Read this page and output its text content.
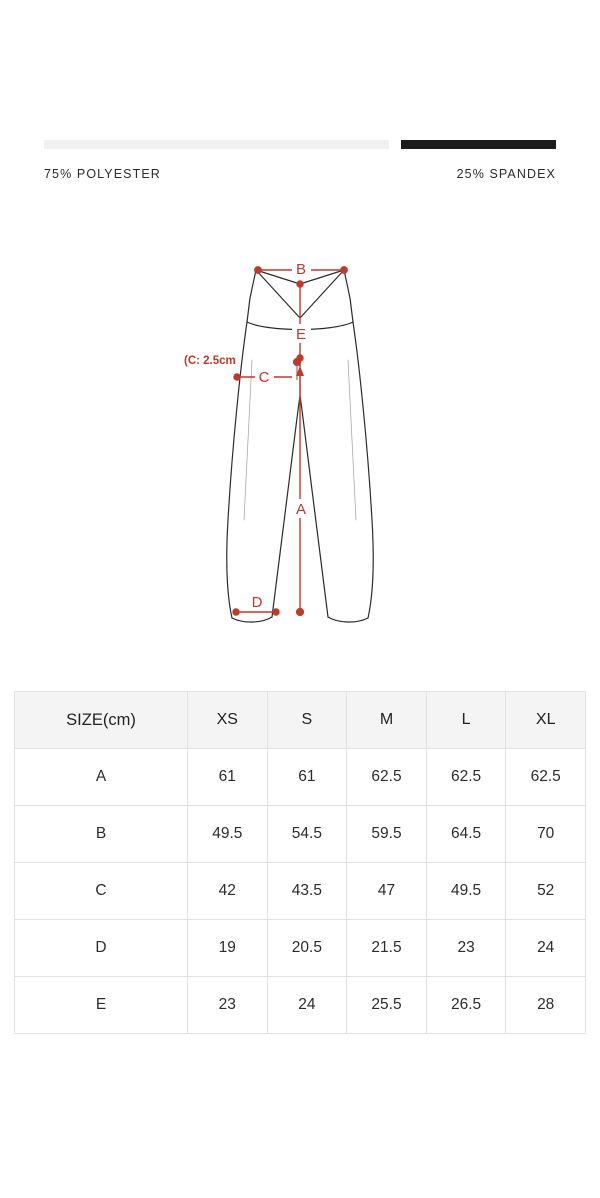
75% POLYESTER	25% SPANDEX
B
E
C
(C: 2.5cm
A
D
SIZE(cm)	XS	S	M	L	XL
A	61	61	62.5	62.5	62.5
B	49.5	54.5	59.5	64.5	70
C	42	43.5	47	49.5	52
D	19	20.5	21.5	23	24
E	23	24	25.5	26.5	28
